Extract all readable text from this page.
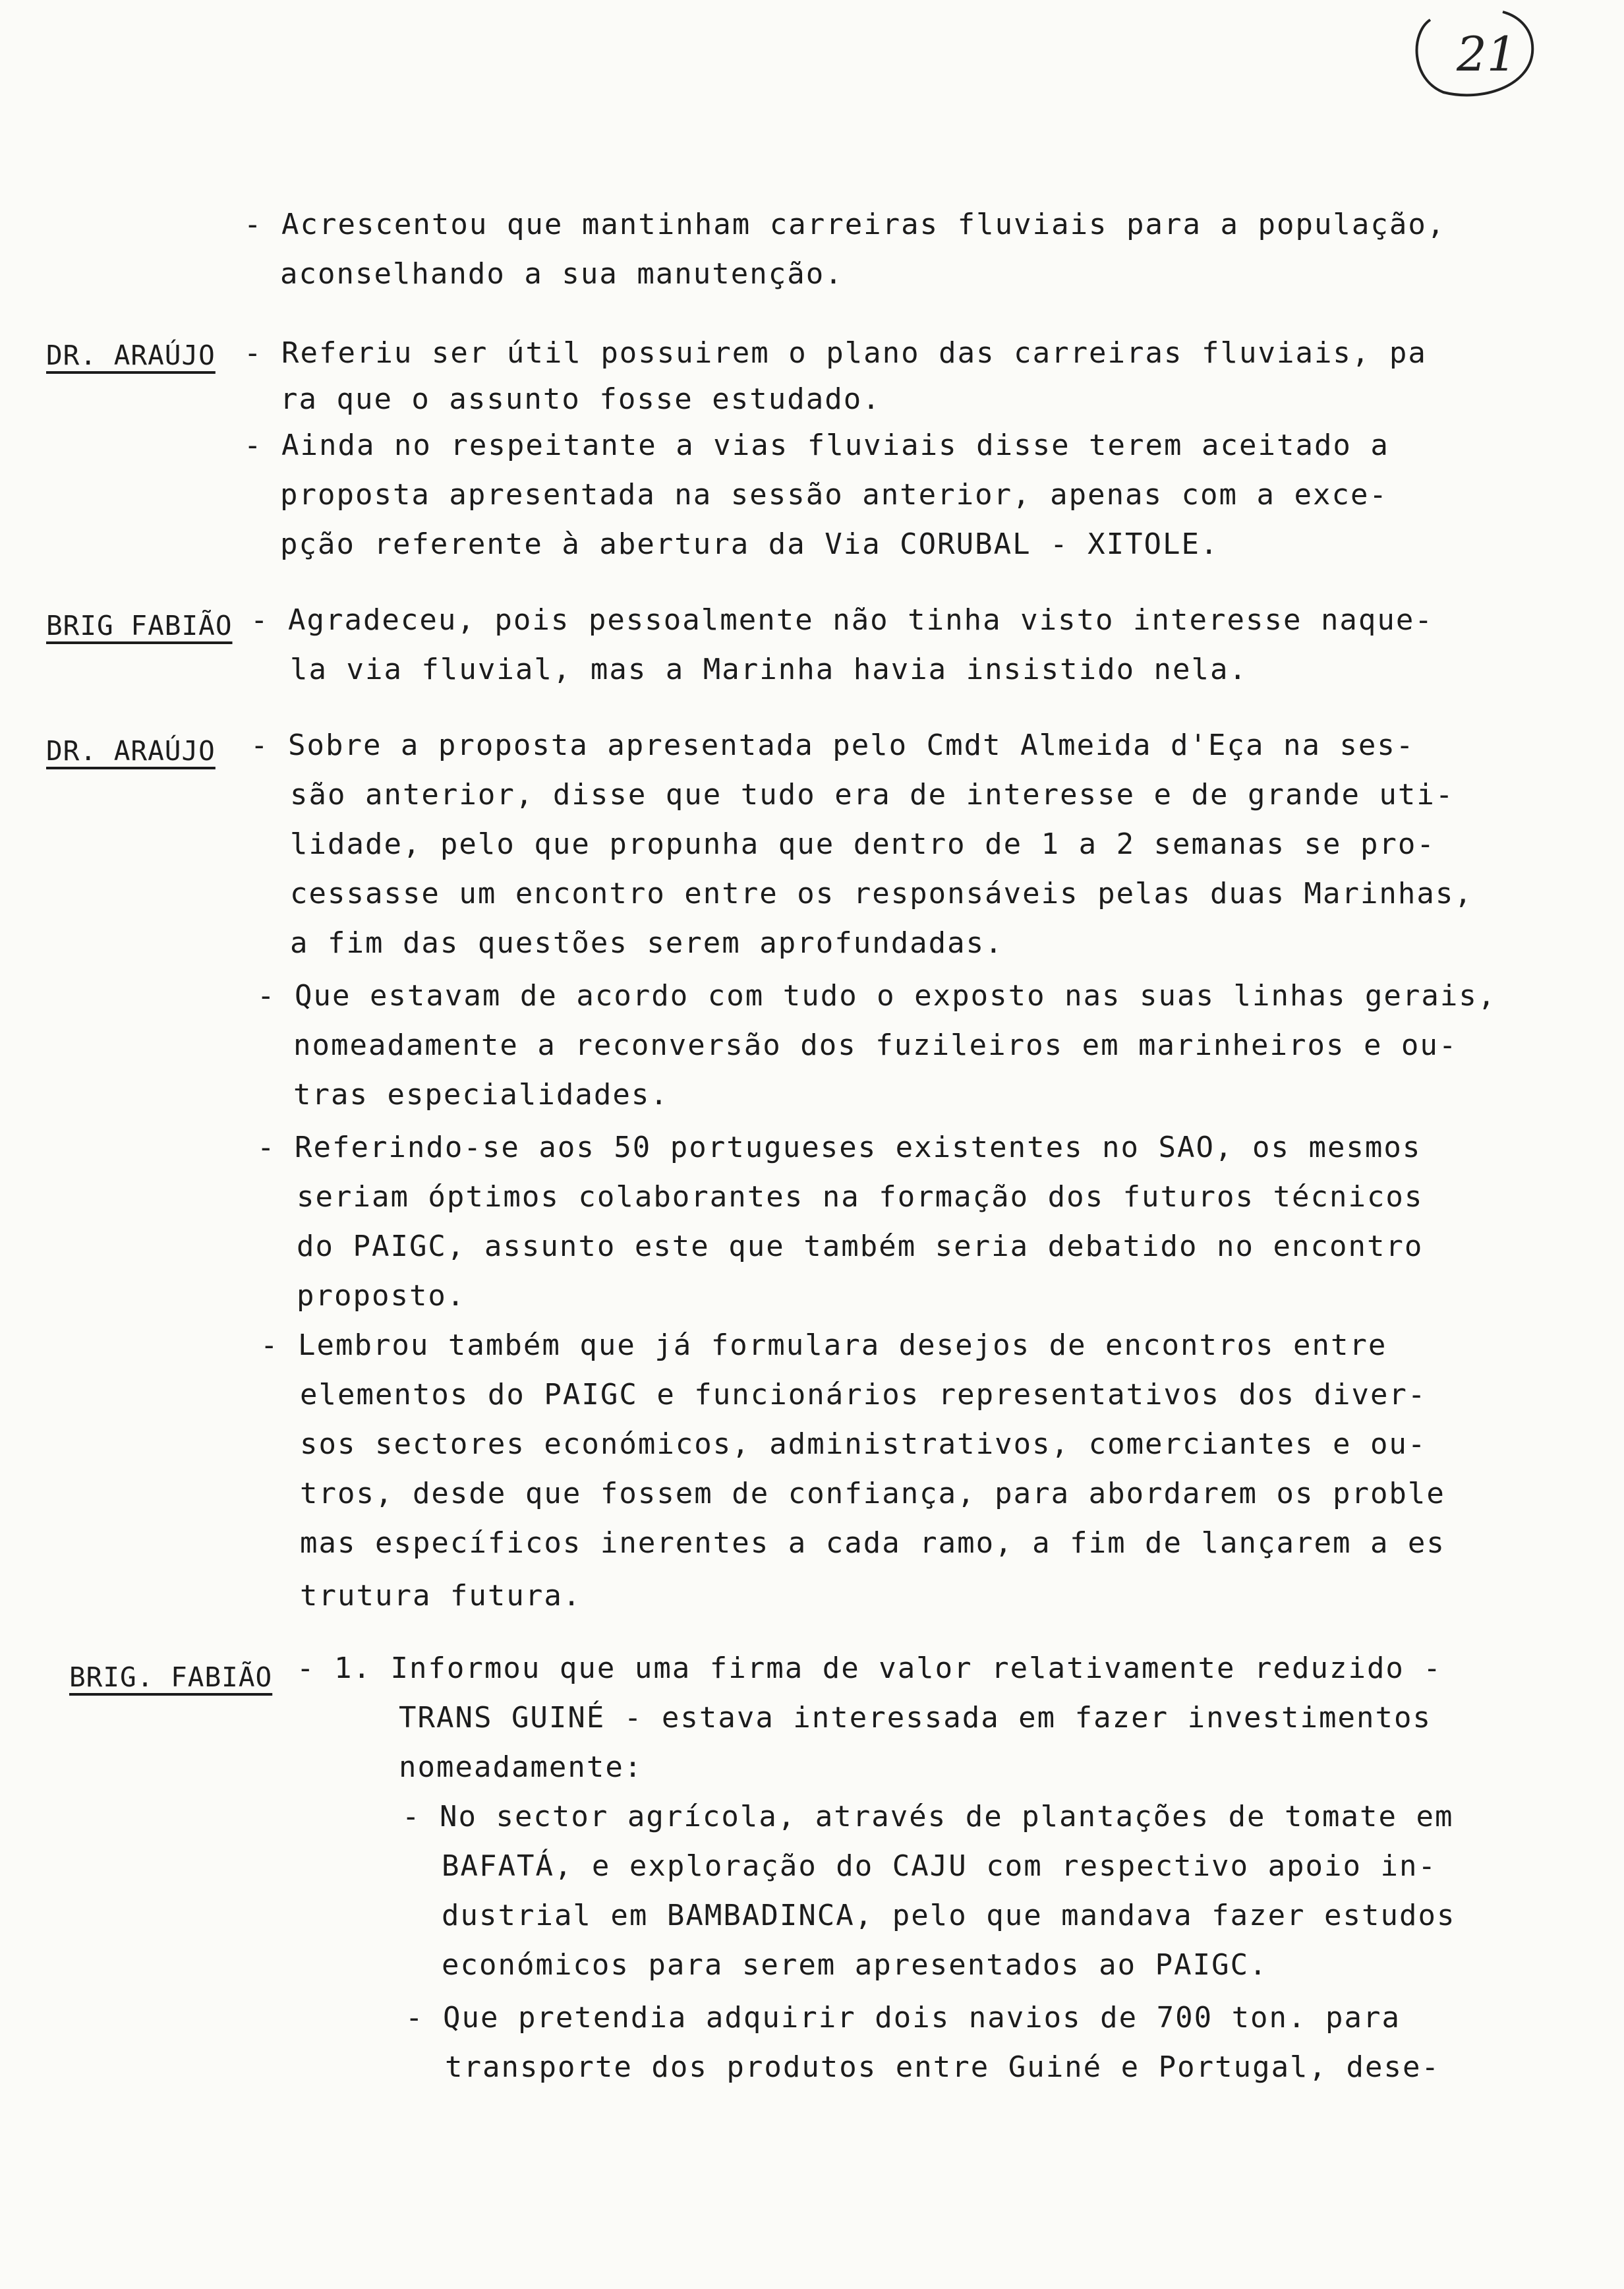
21
- Acrescentou que mantinham carreiras fluviais para a população,
aconselhando a sua manutenção.
DR. ARAÚJO - Referiu ser útil possuirem o plano das carreiras fluviais, pa
ra que o assunto fosse estudado.
- Ainda no respeitante a vias fluviais disse terem aceitado a
proposta apresentada na sessão anterior, apenas com a exce-
pção referente à abertura da Via CORUBAL - XITOLE.
BRIG FABIÃO - Agradeceu, pois pessoalmente não tinha visto interesse naque-
la via fluvial, mas a Marinha havia insistido nela.
DR. ARAÚJO - Sobre a proposta apresentada pelo Cmdt Almeida d'Eça na ses-
são anterior, disse que tudo era de interesse e de grande uti-
lidade, pelo que propunha que dentro de 1 a 2 semanas se pro-
cessasse um encontro entre os responsáveis pelas duas Marinhas,
a fim das questões serem aprofundadas.
- Que estavam de acordo com tudo o exposto nas suas linhas gerais,
nomeadamente a reconversão dos fuzileiros em marinheiros e ou-
tras especialidades.
- Referindo-se aos 50 portugueses existentes no SAO, os mesmos
seriam óptimos colaborantes na formação dos futuros técnicos
do PAIGC, assunto este que também seria debatido no encontro
proposto.
- Lembrou também que já formulara desejos de encontros entre
elementos do PAIGC e funcionários representativos dos diver-
sos sectores económicos, administrativos, comerciantes e ou-
tros, desde que fossem de confiança, para abordarem os proble
mas específicos inerentes a cada ramo, a fim de lançarem a es
trutura futura.
BRIG. FABIÃO - 1. Informou que uma firma de valor relativamente reduzido -
TRANS GUINÉ - estava interessada em fazer investimentos
nomeadamente:
- No sector agrícola, através de plantações de tomate em
BAFATÁ, e exploração do CAJU com respectivo apoio in-
dustrial em BAMBADINCA, pelo que mandava fazer estudos
económicos para serem apresentados ao PAIGC.
- Que pretendia adquirir dois navios de 700 ton. para
transporte dos produtos entre Guiné e Portugal, dese-
